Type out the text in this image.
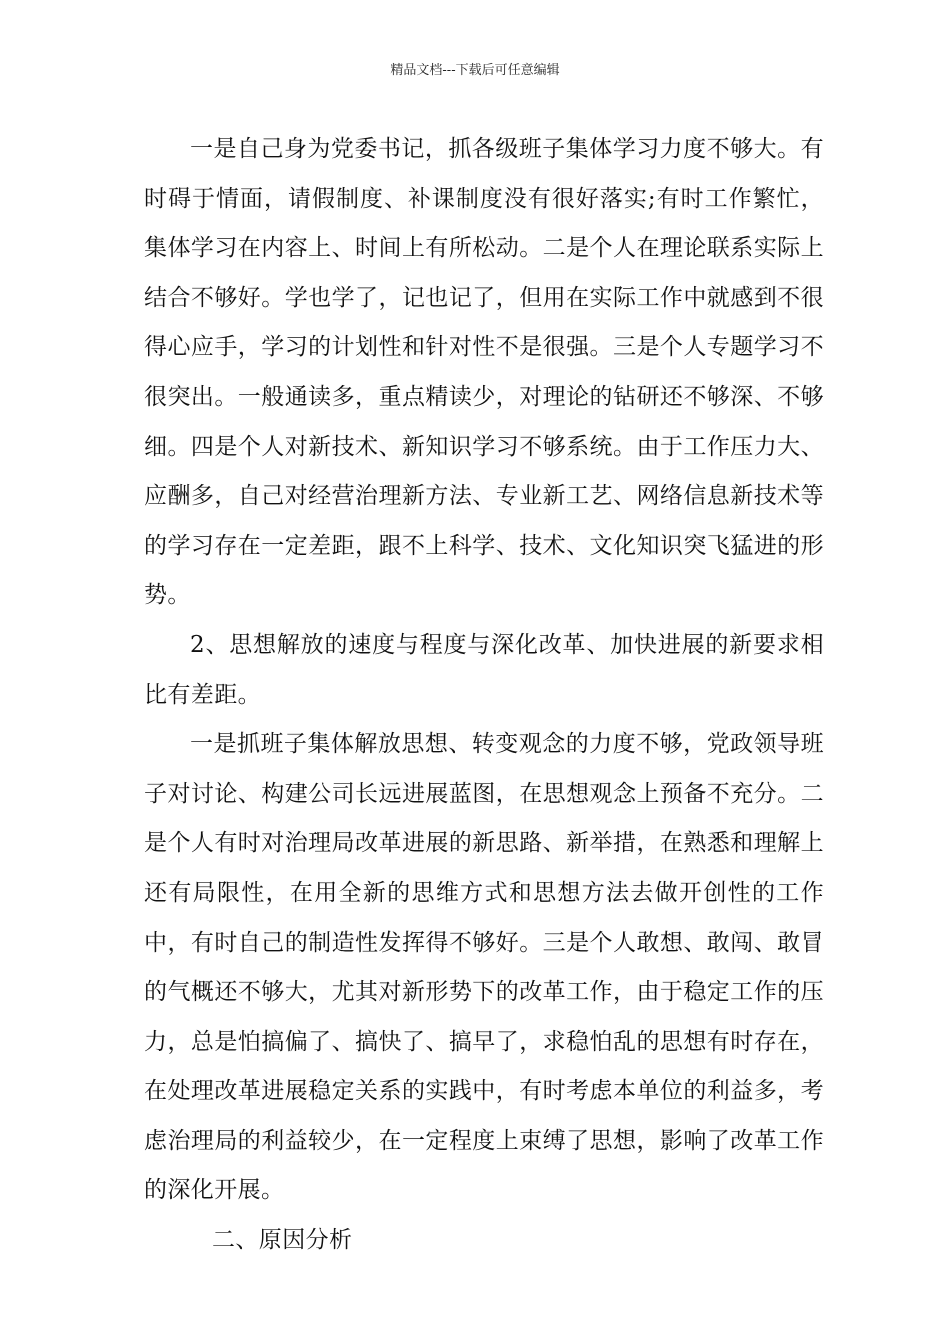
精品文档---下载后可任意编辑

一是自己身为党委书记，抓各级班子集体学习力度不够大。有时碍于情面，请假制度、补课制度没有很好落实;有时工作繁忙，集体学习在内容上、时间上有所松动。二是个人在理论联系实际上结合不够好。学也学了，记也记了，但用在实际工作中就感到不很得心应手，学习的计划性和针对性不是很强。三是个人专题学习不很突出。一般通读多，重点精读少，对理论的钻研还不够深、不够细。四是个人对新技术、新知识学习不够系统。由于工作压力大、应酬多，自己对经营治理新方法、专业新工艺、网络信息新技术等的学习存在一定差距，跟不上科学、技术、文化知识突飞猛进的形势。

2、思想解放的速度与程度与深化改革、加快进展的新要求相比有差距。

一是抓班子集体解放思想、转变观念的力度不够，党政领导班子对讨论、构建公司长远进展蓝图，在思想观念上预备不充分。二是个人有时对治理局改革进展的新思路、新举措，在熟悉和理解上还有局限性，在用全新的思维方式和思想方法去做开创性的工作中，有时自己的制造性发挥得不够好。三是个人敢想、敢闯、敢冒的气概还不够大，尤其对新形势下的改革工作，由于稳定工作的压力，总是怕搞偏了、搞快了、搞早了，求稳怕乱的思想有时存在，在处理改革进展稳定关系的实践中，有时考虑本单位的利益多，考虑治理局的利益较少，在一定程度上束缚了思想，影响了改革工作的深化开展。

二、原因分析
